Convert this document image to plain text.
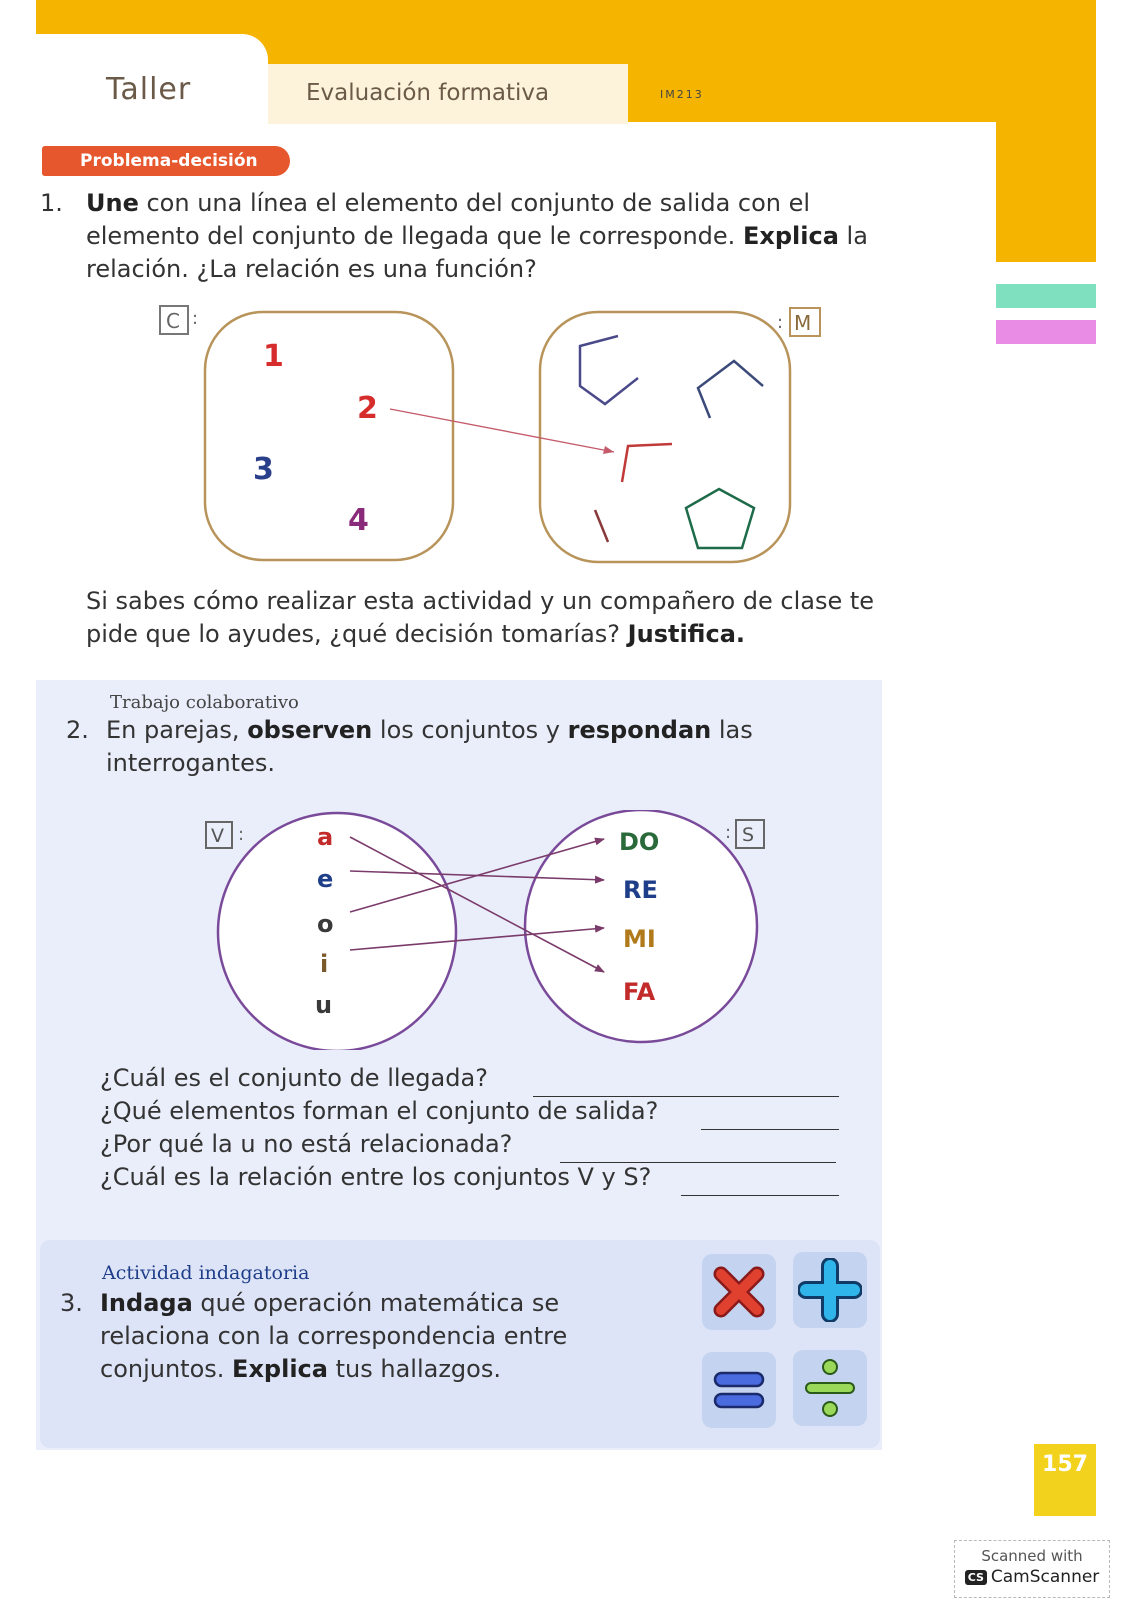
Taller	Evaluación formativa	IM213
Problema-decisión
1. Une con una línea el elemento del conjunto de salida con el elemento del conjunto de llegada que le corresponde. Explica la relación. ¿La relación es una función?
C :
1
2
3
4
: M
Si sabes cómo realizar esta actividad y un compañero de clase te pide que lo ayudes, ¿qué decisión tomarías? Justifica.
Trabajo colaborativo
2. En parejas, observen los conjuntos y respondan las interrogantes.
V :	: S
a
e
o
i
u
DO
RE
MI
FA
¿Cuál es el conjunto de llegada?
¿Qué elementos forman el conjunto de salida?
¿Por qué la u no está relacionada?
¿Cuál es la relación entre los conjuntos V y S?
Actividad indagatoria
3. Indaga qué operación matemática se relaciona con la correspondencia entre conjuntos. Explica tus hallazgos.
157
Scanned with
CS CamScanner
